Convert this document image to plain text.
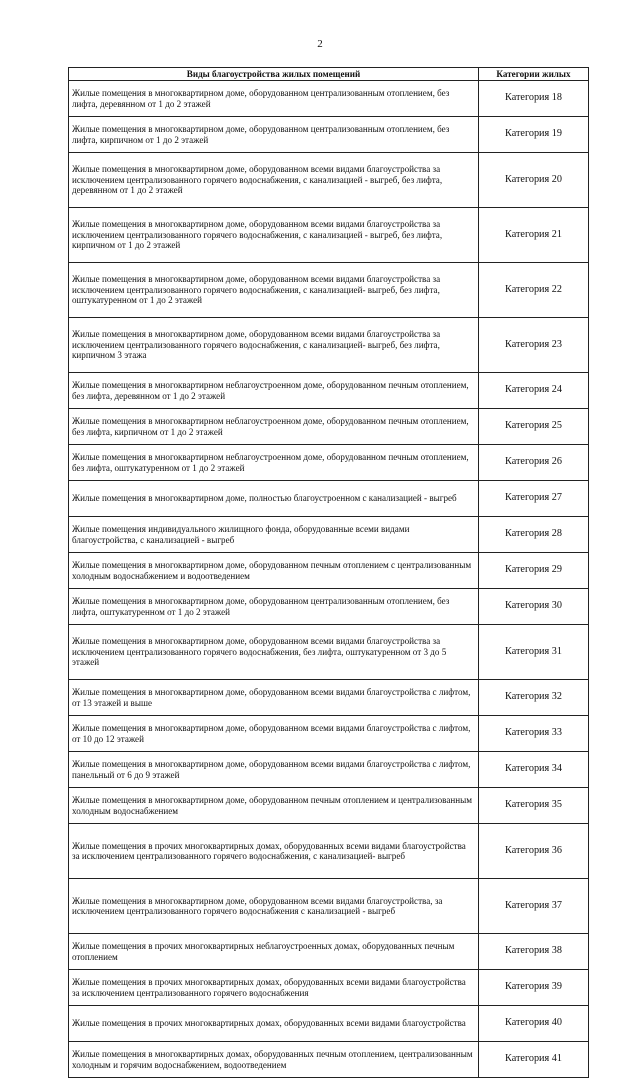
2
Виды благоустройства жилых помещений	Категории жилых
Жилые помещения в многоквартирном доме, оборудованном централизованным отоплением, без лифта, деревянном от 1 до 2 этажей	Категория 18
Жилые помещения в многоквартирном доме, оборудованном централизованным отоплением, без лифта, кирпичном от 1 до 2 этажей	Категория 19
Жилые помещения в многоквартирном доме, оборудованном всеми видами благоустройства за исключением централизованного горячего водоснабжения, с канализацией - выгреб, без лифта, деревянном от 1 до 2 этажей	Категория 20
Жилые помещения в многоквартирном доме, оборудованном всеми видами благоустройства за исключением централизованного горячего водоснабжения, с канализацией - выгреб, без лифта, кирпичном от 1 до 2 этажей	Категория 21
Жилые помещения в многоквартирном доме, оборудованном всеми видами благоустройства за исключением централизованного горячего водоснабжения, с канализацией- выгреб, без лифта, оштукатуренном от 1 до 2 этажей	Категория 22
Жилые помещения в многоквартирном доме, оборудованном всеми видами благоустройства за исключением централизованного горячего водоснабжения, с канализацией- выгреб, без лифта, кирпичном 3 этажа	Категория 23
Жилые помещения в многоквартирном неблагоустроенном доме, оборудованном печным отоплением, без лифта, деревянном от 1 до 2 этажей	Категория 24
Жилые помещения в многоквартирном неблагоустроенном доме, оборудованном печным отоплением, без лифта, кирпичном от 1 до 2 этажей	Категория 25
Жилые помещения в многоквартирном неблагоустроенном доме, оборудованном печным отоплением, без лифта, оштукатуренном от 1 до 2 этажей	Категория 26
Жилые помещения в многоквартирном доме, полностью благоустроенном с канализацией - выгреб	Категория 27
Жилые помещения индивидуального жилищного фонда, оборудованные всеми видами благоустройства, с канализацией - выгреб	Категория 28
Жилые помещения в многоквартирном доме, оборудованном печным отоплением с централизованным холодным водоснабжением и водоотведением	Категория 29
Жилые помещения в многоквартирном доме, оборудованном централизованным отоплением, без лифта, оштукатуренном от 1 до 2 этажей	Категория 30
Жилые помещения в многоквартирном доме, оборудованном всеми видами благоустройства за исключением централизованного горячего водоснабжения, без лифта, оштукатуренном от 3 до 5 этажей	Категория 31
Жилые помещения в многоквартирном доме, оборудованном всеми видами благоустройства с лифтом, от 13 этажей и выше	Категория 32
Жилые помещения в многоквартирном доме, оборудованном всеми видами благоустройства с лифтом, от 10 до 12 этажей	Категория 33
Жилые помещения в многоквартирном доме, оборудованном всеми видами благоустройства с лифтом, панельный от 6 до 9 этажей	Категория 34
Жилые помещения в многоквартирном доме, оборудованном печным отоплением и централизованным холодным водоснабжением	Категория 35
Жилые помещения в прочих многоквартирных домах, оборудованных всеми видами благоустройства за исключением централизованного горячего водоснабжения, с канализацией- выгреб	Категория 36
Жилые помещения в многоквартирном доме, оборудованном всеми видами благоустройства, за исключением централизованного горячего водоснабжения с канализацией - выгреб	Категория 37
Жилые помещения в прочих многоквартирных неблагоустроенных домах, оборудованных печным отоплением	Категория 38
Жилые помещения в прочих многоквартирных домах, оборудованных всеми видами благоустройства за исключением централизованного горячего водоснабжения	Категория 39
Жилые помещения в прочих многоквартирных домах, оборудованных всеми видами благоустройства	Категория 40
Жилые помещения в многоквартирных домах, оборудованных печным отоплением, централизованным холодным и горячим водоснабжением, водоотведением	Категория 41
